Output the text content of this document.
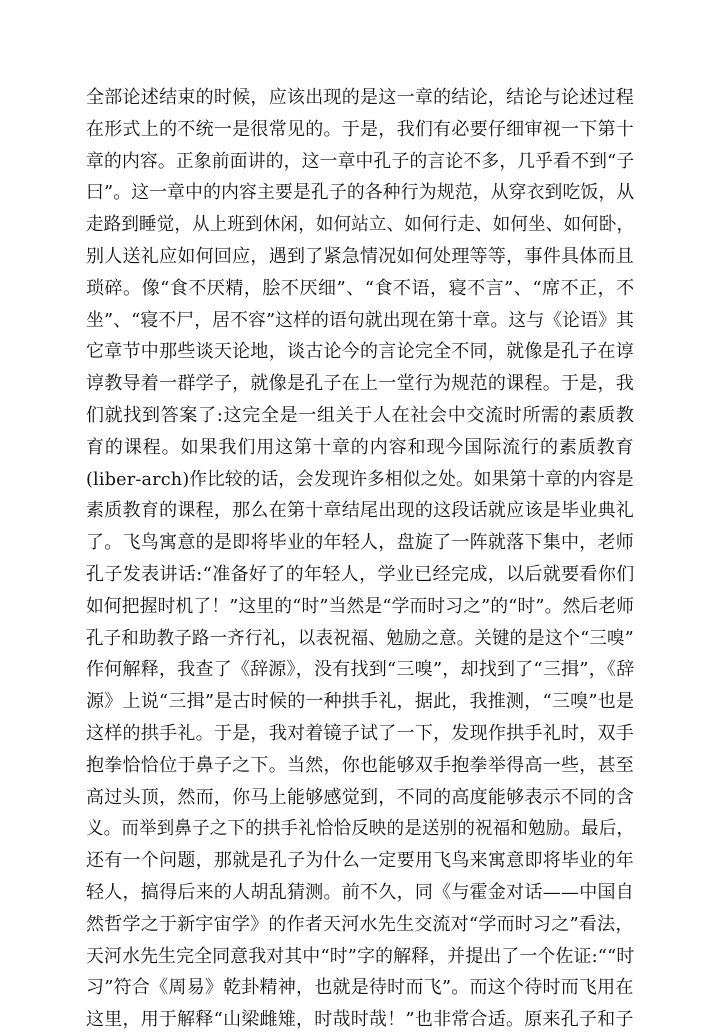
全部论述结束的时候，应该出现的是这一章的结论，结论与论述过程
在形式上的不统一是很常见的。于是，我们有必要仔细审视一下第十
章的内容。正象前面讲的，这一章中孔子的言论不多，几乎看不到“子
曰”。这一章中的内容主要是孔子的各种行为规范，从穿衣到吃饭，从
走路到睡觉，从上班到休闲，如何站立、如何行走、如何坐、如何卧，
别人送礼应如何回应，遇到了紧急情况如何处理等等，事件具体而且
琐碎。像“食不厌精，脍不厌细”、“食不语，寝不言”、“席不正，不
坐”、“寝不尸，居不容”这样的语句就出现在第十章。这与《论语》其
它章节中那些谈天论地，谈古论今的言论完全不同，就像是孔子在谆
谆教导着一群学子，就像是孔子在上一堂行为规范的课程。于是，我
们就找到答案了:这完全是一组关于人在社会中交流时所需的素质教
育的课程。如果我们用这第十章的内容和现今国际流行的素质教育
(liber-arch)作比较的话，会发现许多相似之处。如果第十章的内容是
素质教育的课程，那么在第十章结尾出现的这段话就应该是毕业典礼
了。飞鸟寓意的是即将毕业的年轻人，盘旋了一阵就落下集中，老师
孔子发表讲话:“准备好了的年轻人，学业已经完成，以后就要看你们
如何把握时机了！”这里的“时”当然是“学而时习之”的“时”。然后老师
孔子和助教子路一齐行礼，以表祝福、勉励之意。关键的是这个“三嗅”
作何解释，我查了《辞源》，没有找到“三嗅”，却找到了“三揖”，《辞
源》上说“三揖”是古时候的一种拱手礼，据此，我推测，“三嗅”也是
这样的拱手礼。于是，我对着镜子试了一下，发现作拱手礼时，双手
抱拳恰恰位于鼻子之下。当然，你也能够双手抱拳举得高一些，甚至
高过头顶，然而，你马上能够感觉到，不同的高度能够表示不同的含
义。而举到鼻子之下的拱手礼恰恰反映的是送别的祝福和勉励。最后，
还有一个问题，那就是孔子为什么一定要用飞鸟来寓意即将毕业的年
轻人，搞得后来的人胡乱猜测。前不久，同《与霍金对话——中国自
然哲学之于新宇宙学》的作者天河水先生交流对“学而时习之”看法，
天河水先生完全同意我对其中“时”字的解释，并提出了一个佐证:““时
习”符合《周易》乾卦精神，也就是待时而飞”。而这个待时而飞用在
这里，用于解释“山梁雌雉，时哉时哉！”也非常合适。原来孔子和子
